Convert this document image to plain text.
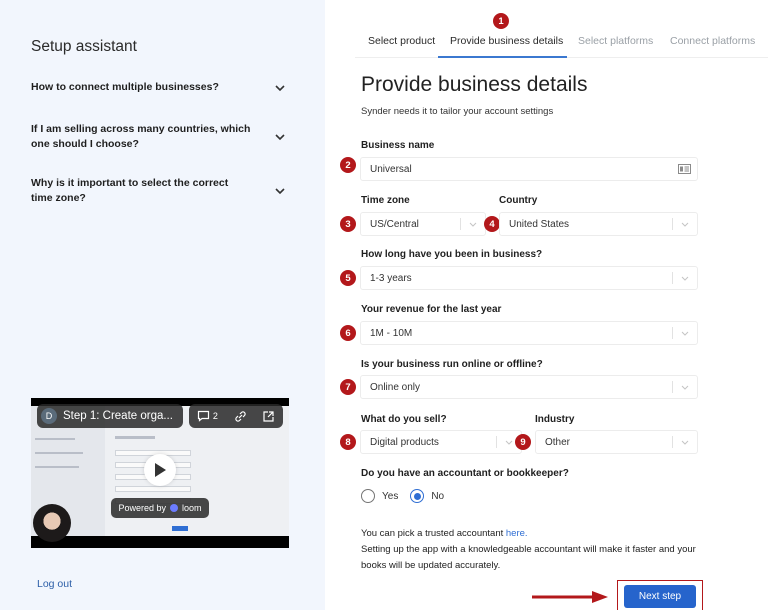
Setup assistant
How to connect multiple businesses?
If I am selling across many countries, which one should I choose?
Why is it important to select the correct time zone?
D Step 1: Create orga...	2
Powered by loom
Log out
Select product Provide business details Select platforms Connect platforms
1
Provide business details
Synder needs it to tailor your account settings
Business name
2	Universal
Time zone	Country
3	US/Central	4	United States
How long have you been in business?
5	1-3 years
Your revenue for the last year
6	1M - 10M
Is your business run online or offline?
7	Online only
What do you sell?	Industry
8	Digital products	9	Other
Do you have an accountant or bookkeeper?
Yes	No
You can pick a trusted accountant here.
Setting up the app with a knowledgeable accountant will make it faster and your books will be updated accurately.
Next step
